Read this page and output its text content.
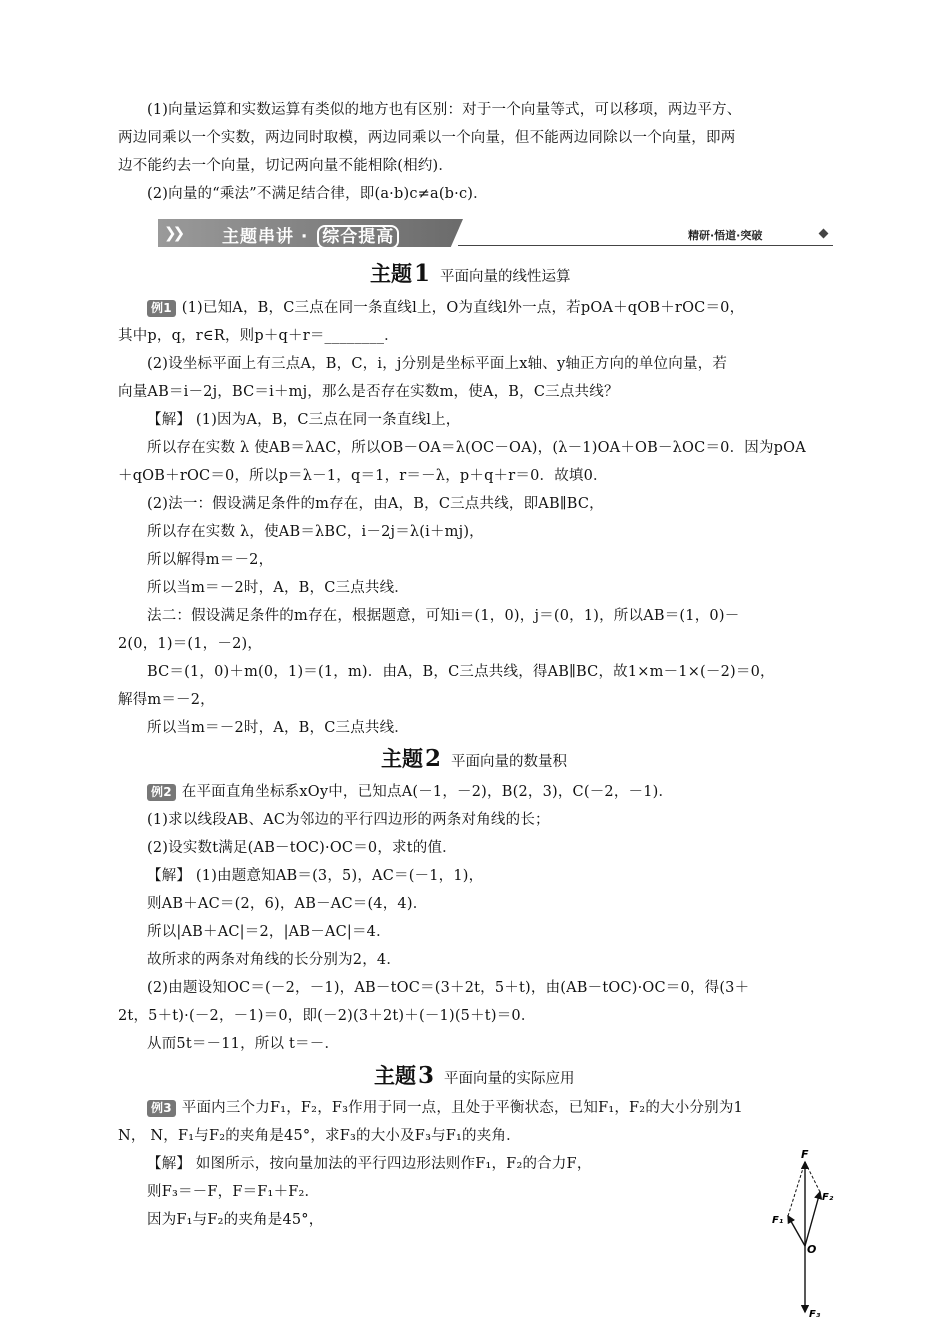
(1)向量运算和实数运算有类似的地方也有区别：对于一个向量等式，可以移项，两边平方、
两边同乘以一个实数，两边同时取模，两边同乘以一个向量，但不能两边同除以一个向量，即两
边不能约去一个向量，切记两向量不能相除(相约)．
(2)向量的“乘法”不满足结合律，即(a·b)c≠a(b·c)．
❯❯ 主题串讲 · 综合提高	精研·悟道·突破
主题1 平面向量的线性运算
例1 (1)已知A，B，C三点在同一条直线l上，O为直线l外一点，若pOA＋qOB＋rOC＝0，
其中p，q，r∈R，则p＋q＋r＝________．
(2)设坐标平面上有三点A，B，C，i，j分别是坐标平面上x轴、y轴正方向的单位向量，若
向量AB＝i－2j，BC＝i＋mj，那么是否存在实数m，使A，B，C三点共线？
【解】 (1)因为A，B，C三点在同一条直线l上，
所以存在实数 λ 使AB＝λAC，所以OB－OA＝λ(OC－OA)，(λ－1)OA＋OB－λOC＝0．因为pOA
＋qOB＋rOC＝0，所以p＝λ－1，q＝1，r＝－λ，p＋q＋r＝0．故填0．
(2)法一：假设满足条件的m存在，由A，B，C三点共线，即AB∥BC，
所以存在实数 λ，使AB＝λBC，i－2j＝λ(i＋mj)，
所以解得m＝－2，
所以当m＝－2时，A，B，C三点共线．
法二：假设满足条件的m存在，根据题意，可知i＝(1，0)，j＝(0，1)，所以AB＝(1，0)－
2(0，1)＝(1，－2)，
BC＝(1，0)＋m(0，1)＝(1，m)．由A，B，C三点共线，得AB∥BC，故1×m－1×(－2)＝0，
解得m＝－2，
所以当m＝－2时，A，B，C三点共线．
主题2 平面向量的数量积
例2 在平面直角坐标系xOy中，已知点A(－1，－2)，B(2，3)，C(－2，－1)．
(1)求以线段AB、AC为邻边的平行四边形的两条对角线的长；
(2)设实数t满足(AB－tOC)·OC＝0，求t的值．
【解】 (1)由题意知AB＝(3，5)，AC＝(－1，1)，
则AB＋AC＝(2，6)，AB－AC＝(4，4)．
所以|AB＋AC|＝2，|AB－AC|＝4．
故所求的两条对角线的长分别为2，4．
(2)由题设知OC＝(－2，－1)，AB－tOC＝(3＋2t，5＋t)，由(AB－tOC)·OC＝0，得(3＋
2t，5＋t)·(－2，－1)＝0，即(－2)(3＋2t)＋(－1)(5＋t)＝0．
从而5t＝－11，所以 t＝－．
主题3 平面向量的实际应用
例3 平面内三个力F₁，F₂，F₃作用于同一点，且处于平衡状态，已知F₁，F₂的大小分别为1
N， N，F₁与F₂的夹角是45°，求F₃的大小及F₃与F₁的夹角．
【解】 如图所示，按向量加法的平行四边形法则作F₁，F₂的合力F，
则F₃＝－F，F＝F₁＋F₂．
因为F₁与F₂的夹角是45°，
F
F₁
F₂
O
F₃
